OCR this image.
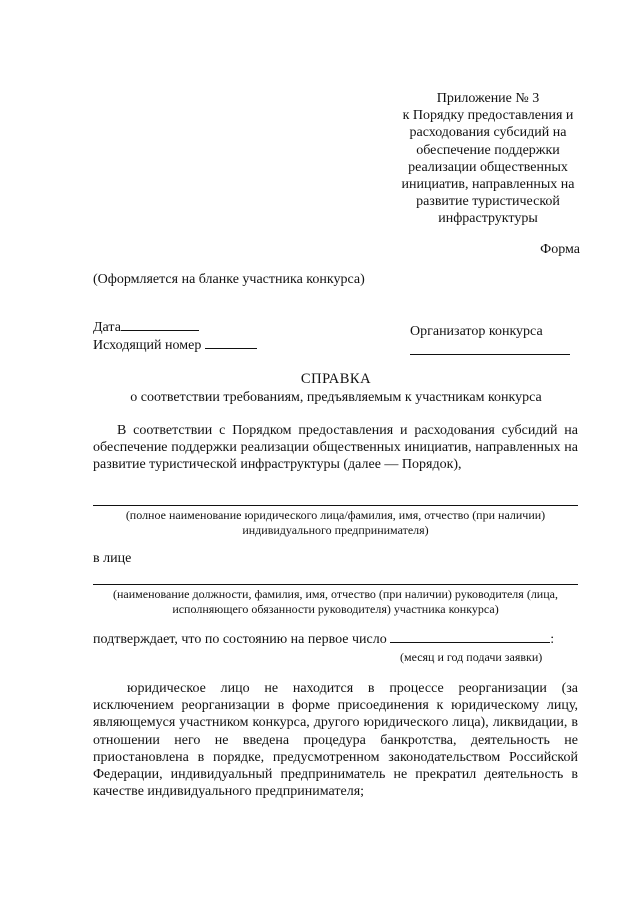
Приложение № 3
к Порядку предоставления и
расходования субсидий на
обеспечение поддержки
реализации общественных
инициатив, направленных на
развитие туристической
инфраструктуры
Форма
(Оформляется на бланке участника конкурса)
Дата
Исходящий номер
Организатор конкурса
СПРАВКА
о соответствии требованиям, предъявляемым к участникам конкурса
В соответствии с Порядком предоставления и расходования субсидий на обеспечение поддержки реализации общественных инициатив, направленных на развитие туристической инфраструктуры (далее — Порядок),
(полное наименование юридического лица/фамилия, имя, отчество (при наличии)
индивидуального предпринимателя)
в лице
(наименование должности, фамилия, имя, отчество (при наличии) руководителя (лица,
исполняющего обязанности руководителя) участника конкурса)
подтверждает, что по состоянию на первое число	:
(месяц и год подачи заявки)
юридическое лицо не находится в процессе реорганизации (за исключением реорганизации в форме присоединения к юридическому лицу, являющемуся участником конкурса, другого юридического лица), ликвидации, в отношении него не введена процедура банкротства, деятельность не приостановлена в порядке, предусмотренном законодательством Российской Федерации, индивидуальный предприниматель не прекратил деятельность в качестве индивидуального предпринимателя;
